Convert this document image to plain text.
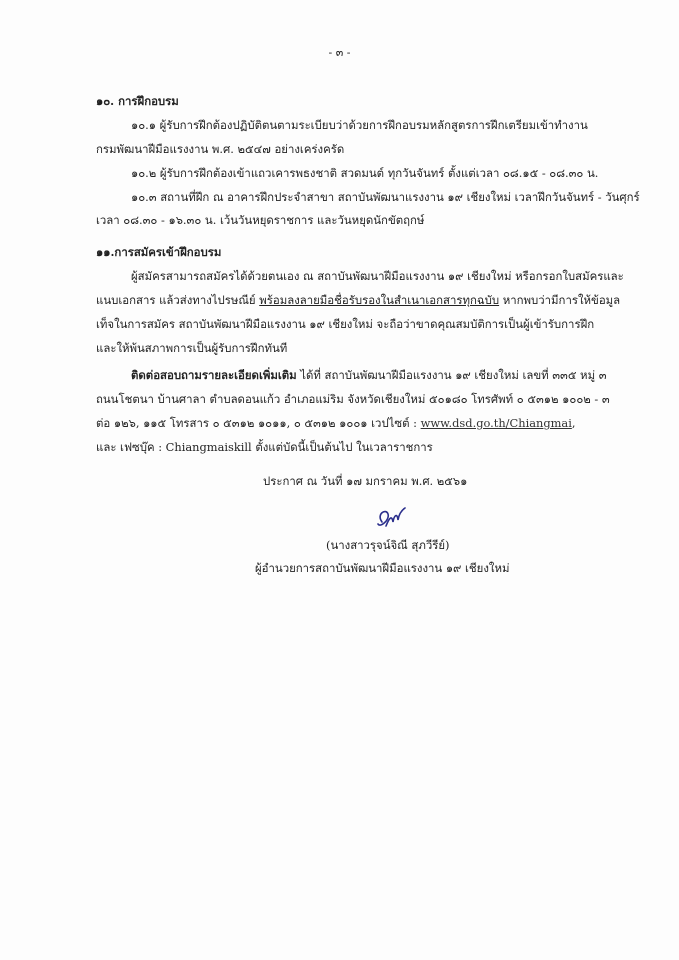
- ๓ -
๑๐. การฝึกอบรม
๑๐.๑ ผู้รับการฝึกต้องปฏิบัติตนตามระเบียบว่าด้วยการฝึกอบรมหลักสูตรการฝึกเตรียมเข้าทำงาน
กรมพัฒนาฝีมือแรงงาน พ.ศ. ๒๕๔๗ อย่างเคร่งครัด
๑๐.๒ ผู้รับการฝึกต้องเข้าแถวเคารพธงชาติ สวดมนต์ ทุกวันจันทร์ ตั้งแต่เวลา ๐๘.๑๕ - ๐๘.๓๐ น.
๑๐.๓ สถานที่ฝึก ณ อาคารฝึกประจำสาขา สถาบันพัฒนาแรงงาน ๑๙ เชียงใหม่ เวลาฝึกวันจันทร์ - วันศุกร์
เวลา ๐๘.๓๐ - ๑๖.๓๐ น. เว้นวันหยุดราชการ และวันหยุดนักขัตฤกษ์
๑๑.การสมัครเข้าฝึกอบรม
ผู้สมัครสามารถสมัครได้ด้วยตนเอง ณ สถาบันพัฒนาฝีมือแรงงาน ๑๙ เชียงใหม่ หรือกรอกใบสมัครและ
แนบเอกสาร แล้วส่งทางไปรษณีย์ พร้อมลงลายมือชื่อรับรองในสำเนาเอกสารทุกฉบับ หากพบว่ามีการให้ข้อมูล
เท็จในการสมัคร สถาบันพัฒนาฝีมือแรงงาน ๑๙ เชียงใหม่ จะถือว่าขาดคุณสมบัติการเป็นผู้เข้ารับการฝึก
และให้พ้นสภาพการเป็นผู้รับการฝึกทันที
ติดต่อสอบถามรายละเอียดเพิ่มเติม ได้ที่ สถาบันพัฒนาฝีมือแรงงาน ๑๙ เชียงใหม่ เลขที่ ๓๓๕ หมู่ ๓
ถนนโชตนา บ้านศาลา ตำบลดอนแก้ว อำเภอแม่ริม จังหวัดเชียงใหม่ ๕๐๑๘๐ โทรศัพท์ ๐ ๕๓๑๒ ๑๐๐๒ - ๓
ต่อ ๑๒๖, ๑๑๕ โทรสาร ๐ ๕๓๑๒ ๑๐๑๑, ๐ ๕๓๑๒ ๑๐๐๑ เวปไซต์ : www.dsd.go.th/Chiangmai,
และ เฟซบุ๊ค : Chiangmaiskill ตั้งแต่บัดนี้เป็นต้นไป ในเวลาราชการ
ประกาศ ณ วันที่ ๑๗ มกราคม พ.ศ. ๒๕๖๑
(นางสาวรุจน์จิณี สุภวีรีย์)
ผู้อำนวยการสถาบันพัฒนาฝีมือแรงงาน ๑๙ เชียงใหม่
